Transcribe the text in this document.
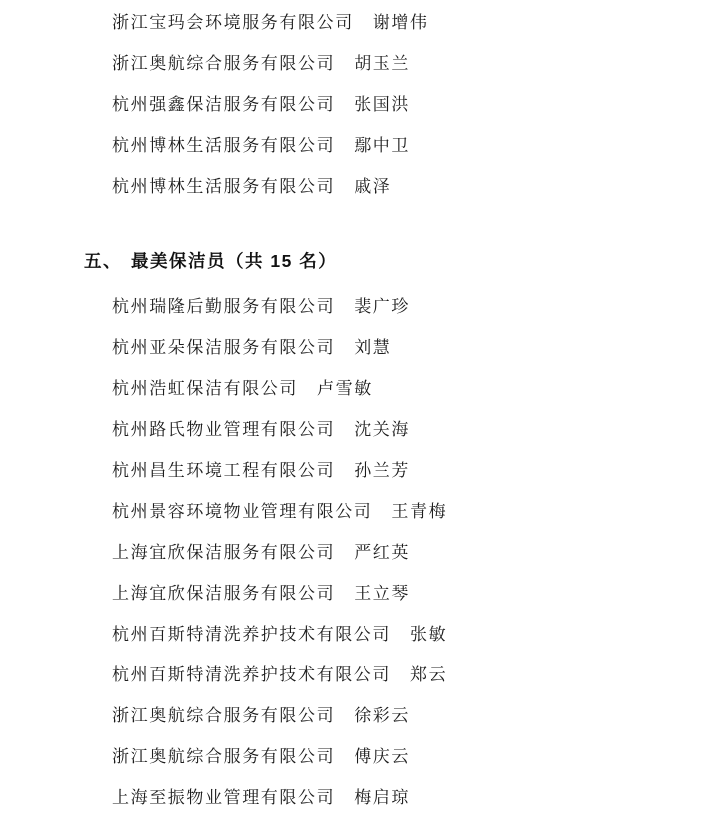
浙江宝玛会环境服务有限公司 谢增伟
浙江奥航综合服务有限公司 胡玉兰
杭州强鑫保洁服务有限公司 张国洪
杭州博林生活服务有限公司 鄢中卫
杭州博林生活服务有限公司 戚泽
五、 最美保洁员（共 15 名）
杭州瑞隆后勤服务有限公司 裴广珍
杭州亚朵保洁服务有限公司 刘慧
杭州浩虹保洁有限公司 卢雪敏
杭州路氏物业管理有限公司 沈关海
杭州昌生环境工程有限公司 孙兰芳
杭州景容环境物业管理有限公司 王青梅
上海宜欣保洁服务有限公司 严红英
上海宜欣保洁服务有限公司 王立琴
杭州百斯特清洗养护技术有限公司 张敏
杭州百斯特清洗养护技术有限公司 郑云
浙江奥航综合服务有限公司 徐彩云
浙江奥航综合服务有限公司 傅庆云
上海至振物业管理有限公司 梅启琼
